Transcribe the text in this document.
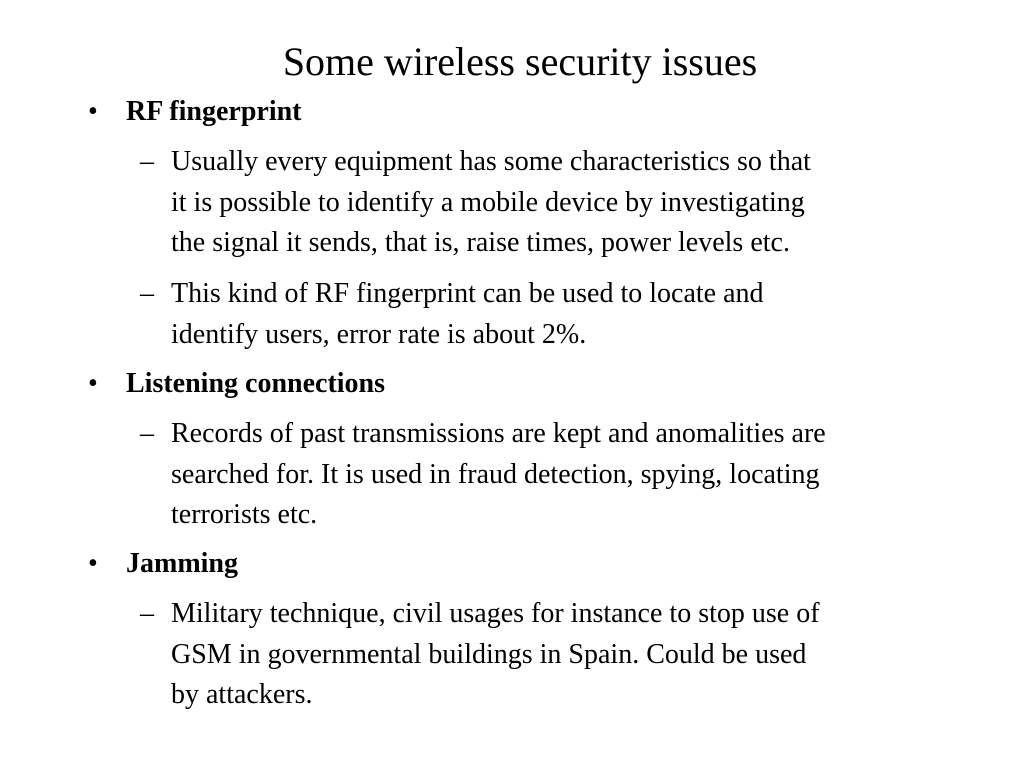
Some wireless security issues
• RF fingerprint
– Usually every equipment has some characteristics so that
it is possible to identify a mobile device by investigating
the signal it sends, that is, raise times, power levels etc.

– This kind of RF fingerprint can be used to locate and
identify users, error rate is about 2%.

• Listening connections
– Records of past transmissions are kept and anomalities are
searched for. It is used in fraud detection, spying, locating
terrorists etc.

• Jamming
– Military technique, civil usages for instance to stop use of
GSM in governmental buildings in Spain. Could be used
by attackers.
